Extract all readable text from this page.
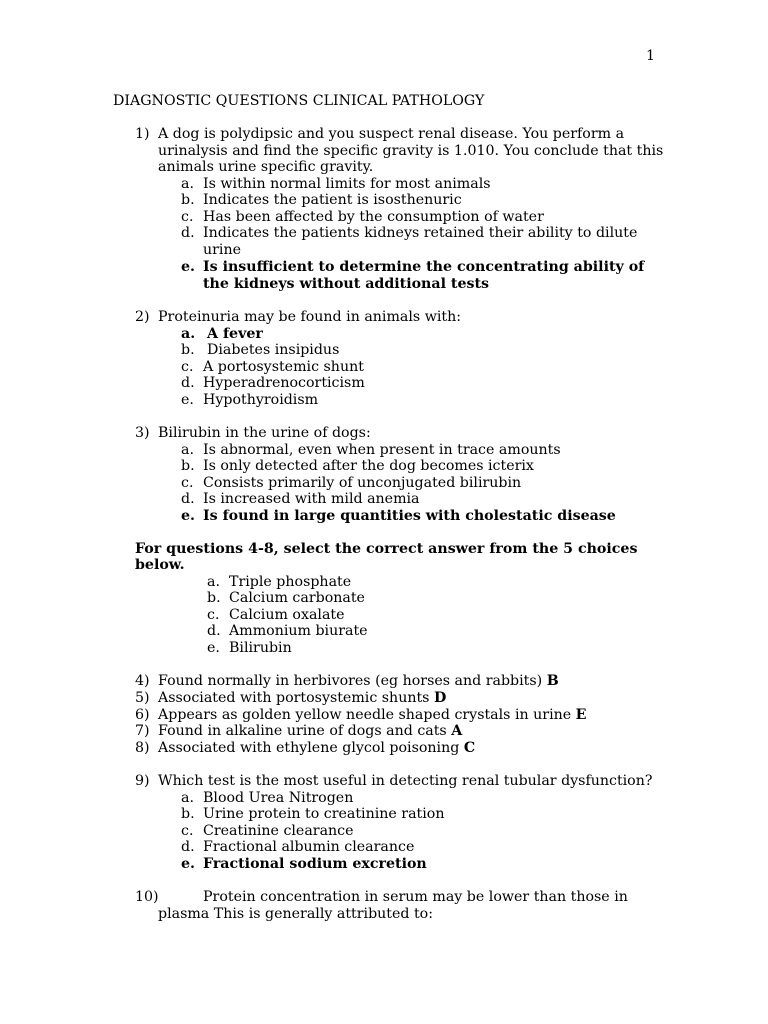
1
DIAGNOSTIC QUESTIONS CLINICAL PATHOLOGY
1) A dog is polydipsic and you suspect renal disease. You perform a
urinalysis and find the specific gravity is 1.010. You conclude that this
animals urine specific gravity.
a. Is within normal limits for most animals
b. Indicates the patient is isosthenuric
c. Has been affected by the consumption of water
d. Indicates the patients kidneys retained their ability to dilute
urine
e. Is insufficient to determine the concentrating ability of
the kidneys without additional tests
2) Proteinuria may be found in animals with:
a. A fever
b. Diabetes insipidus
c. A portosystemic shunt
d. Hyperadrenocorticism
e. Hypothyroidism
3) Bilirubin in the urine of dogs:
a. Is abnormal, even when present in trace amounts
b. Is only detected after the dog becomes icterix
c. Consists primarily of unconjugated bilirubin
d. Is increased with mild anemia
e. Is found in large quantities with cholestatic disease
For questions 4-8, select the correct answer from the 5 choices
below.
a. Triple phosphate
b. Calcium carbonate
c. Calcium oxalate
d. Ammonium biurate
e. Bilirubin
4) Found normally in herbivores (eg horses and rabbits) B
5) Associated with portosystemic shunts D
6) Appears as golden yellow needle shaped crystals in urine E
7) Found in alkaline urine of dogs and cats A
8) Associated with ethylene glycol poisoning C
9) Which test is the most useful in detecting renal tubular dysfunction?
a. Blood Urea Nitrogen
b. Urine protein to creatinine ration
c. Creatinine clearance
d. Fractional albumin clearance
e. Fractional sodium excretion
10)	Protein concentration in serum may be lower than those in
plasma This is generally attributed to:
